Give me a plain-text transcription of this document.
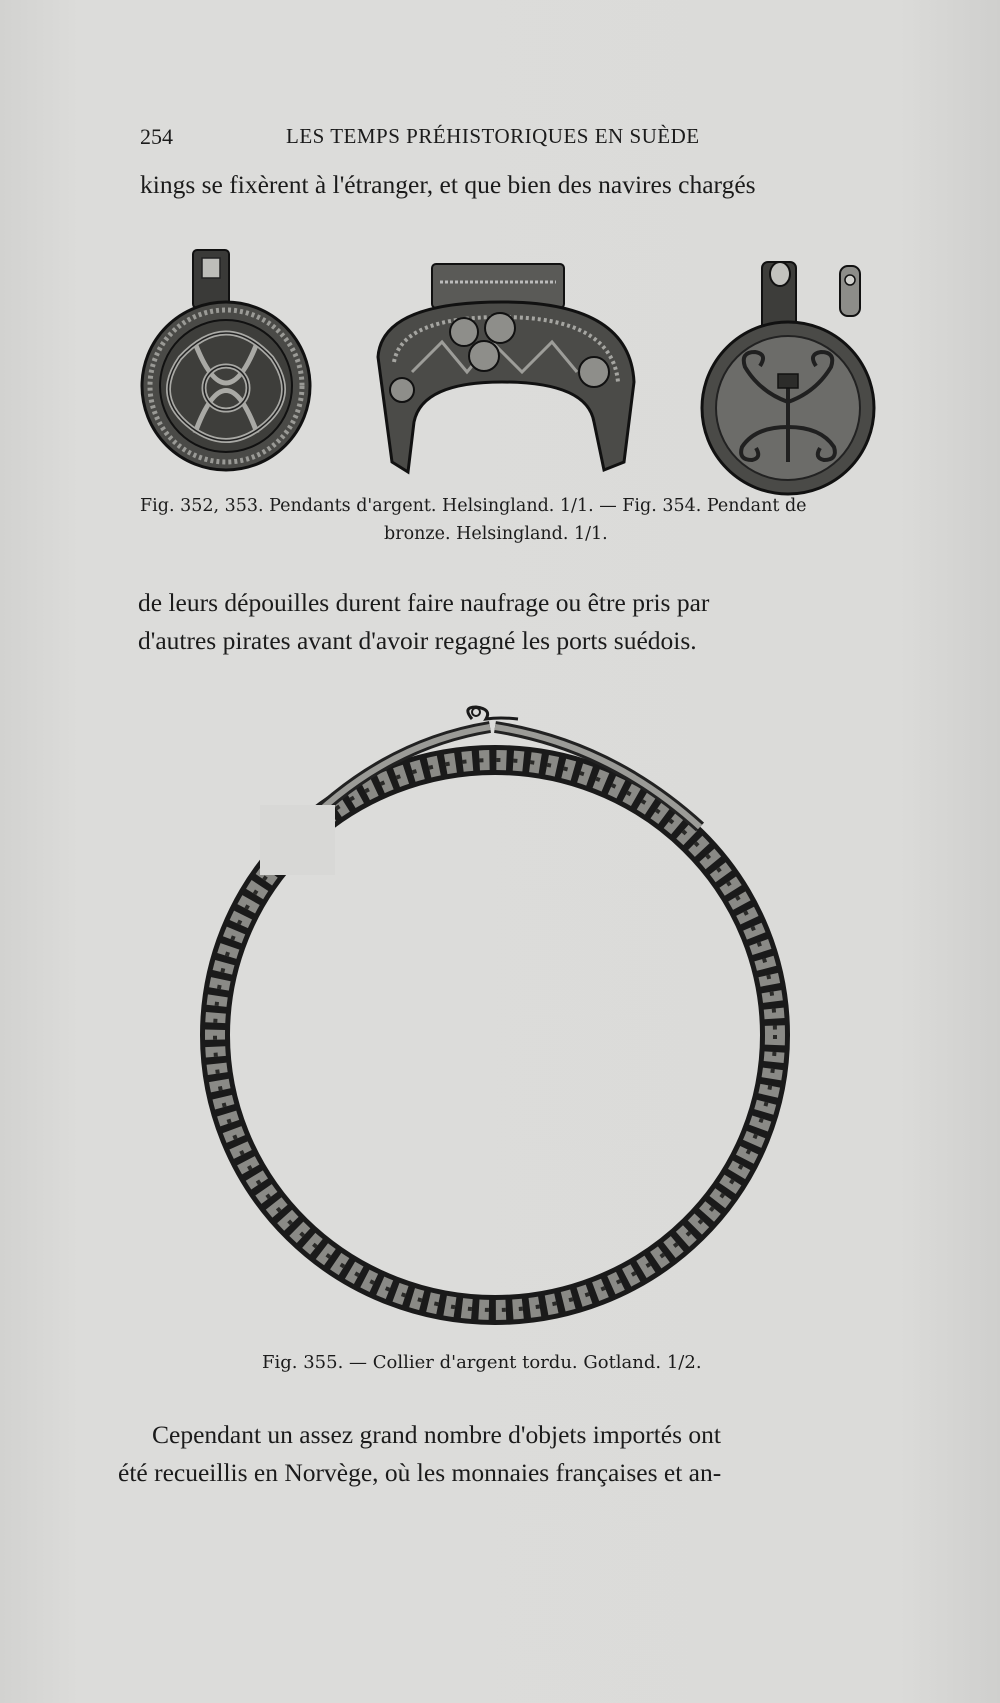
254	LES TEMPS PRÉHISTORIQUES EN SUÈDE
kings se fixèrent à l'étranger, et que bien des navires chargés
Fig. 352, 353. Pendants d'argent. Helsingland. 1/1. — Fig. 354. Pendant de
bronze. Helsingland. 1/1.
de leurs dépouilles durent faire naufrage ou être pris par
d'autres pirates avant d'avoir regagné les ports suédois.
Fig. 355. — Collier d'argent tordu. Gotland. 1/2.
Cependant un assez grand nombre d'objets importés ont
été recueillis en Norvège, où les monnaies françaises et an-
